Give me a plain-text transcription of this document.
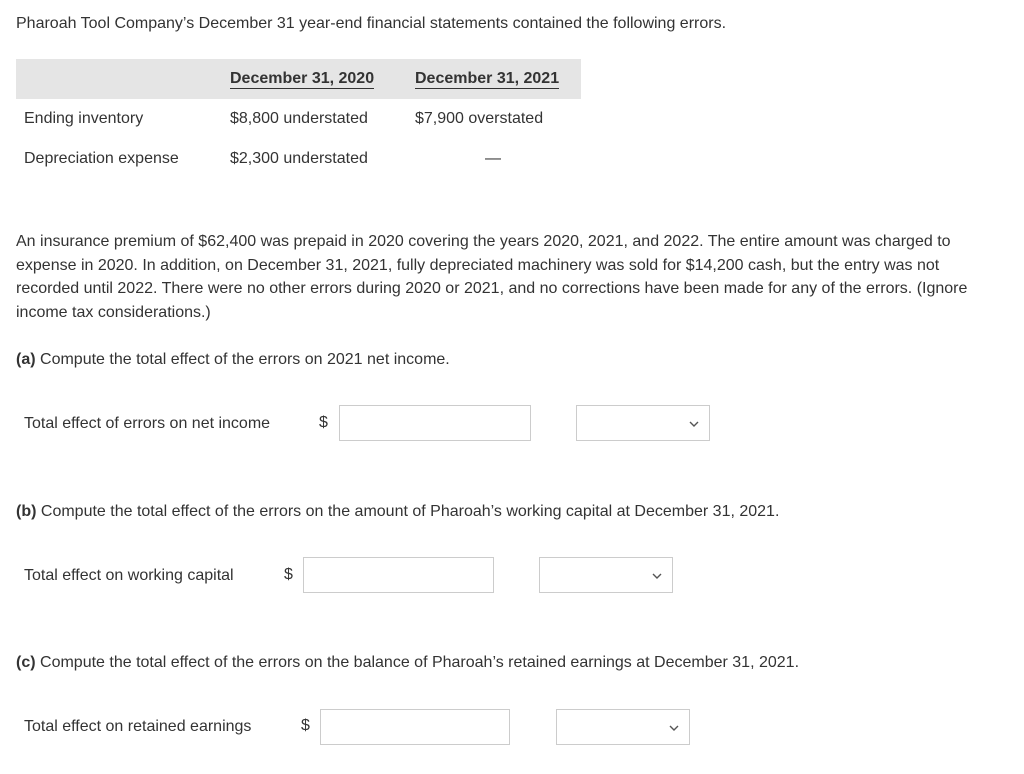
Pharoah Tool Company’s December 31 year-end financial statements contained the following errors.
	December 31, 2020	December 31, 2021
Ending inventory	$8,800 understated	$7,900 overstated
Depreciation expense	$2,300 understated	—
An insurance premium of $62,400 was prepaid in 2020 covering the years 2020, 2021, and 2022. The entire amount was charged to expense in 2020. In addition, on December 31, 2021, fully depreciated machinery was sold for $14,200 cash, but the entry was not recorded until 2022. There were no other errors during 2020 or 2021, and no corrections have been made for any of the errors. (Ignore income tax considerations.)
(a) Compute the total effect of the errors on 2021 net income.
Total effect of errors on net income	$
(b) Compute the total effect of the errors on the amount of Pharoah’s working capital at December 31, 2021.
Total effect on working capital	$
(c) Compute the total effect of the errors on the balance of Pharoah’s retained earnings at December 31, 2021.
Total effect on retained earnings	$
